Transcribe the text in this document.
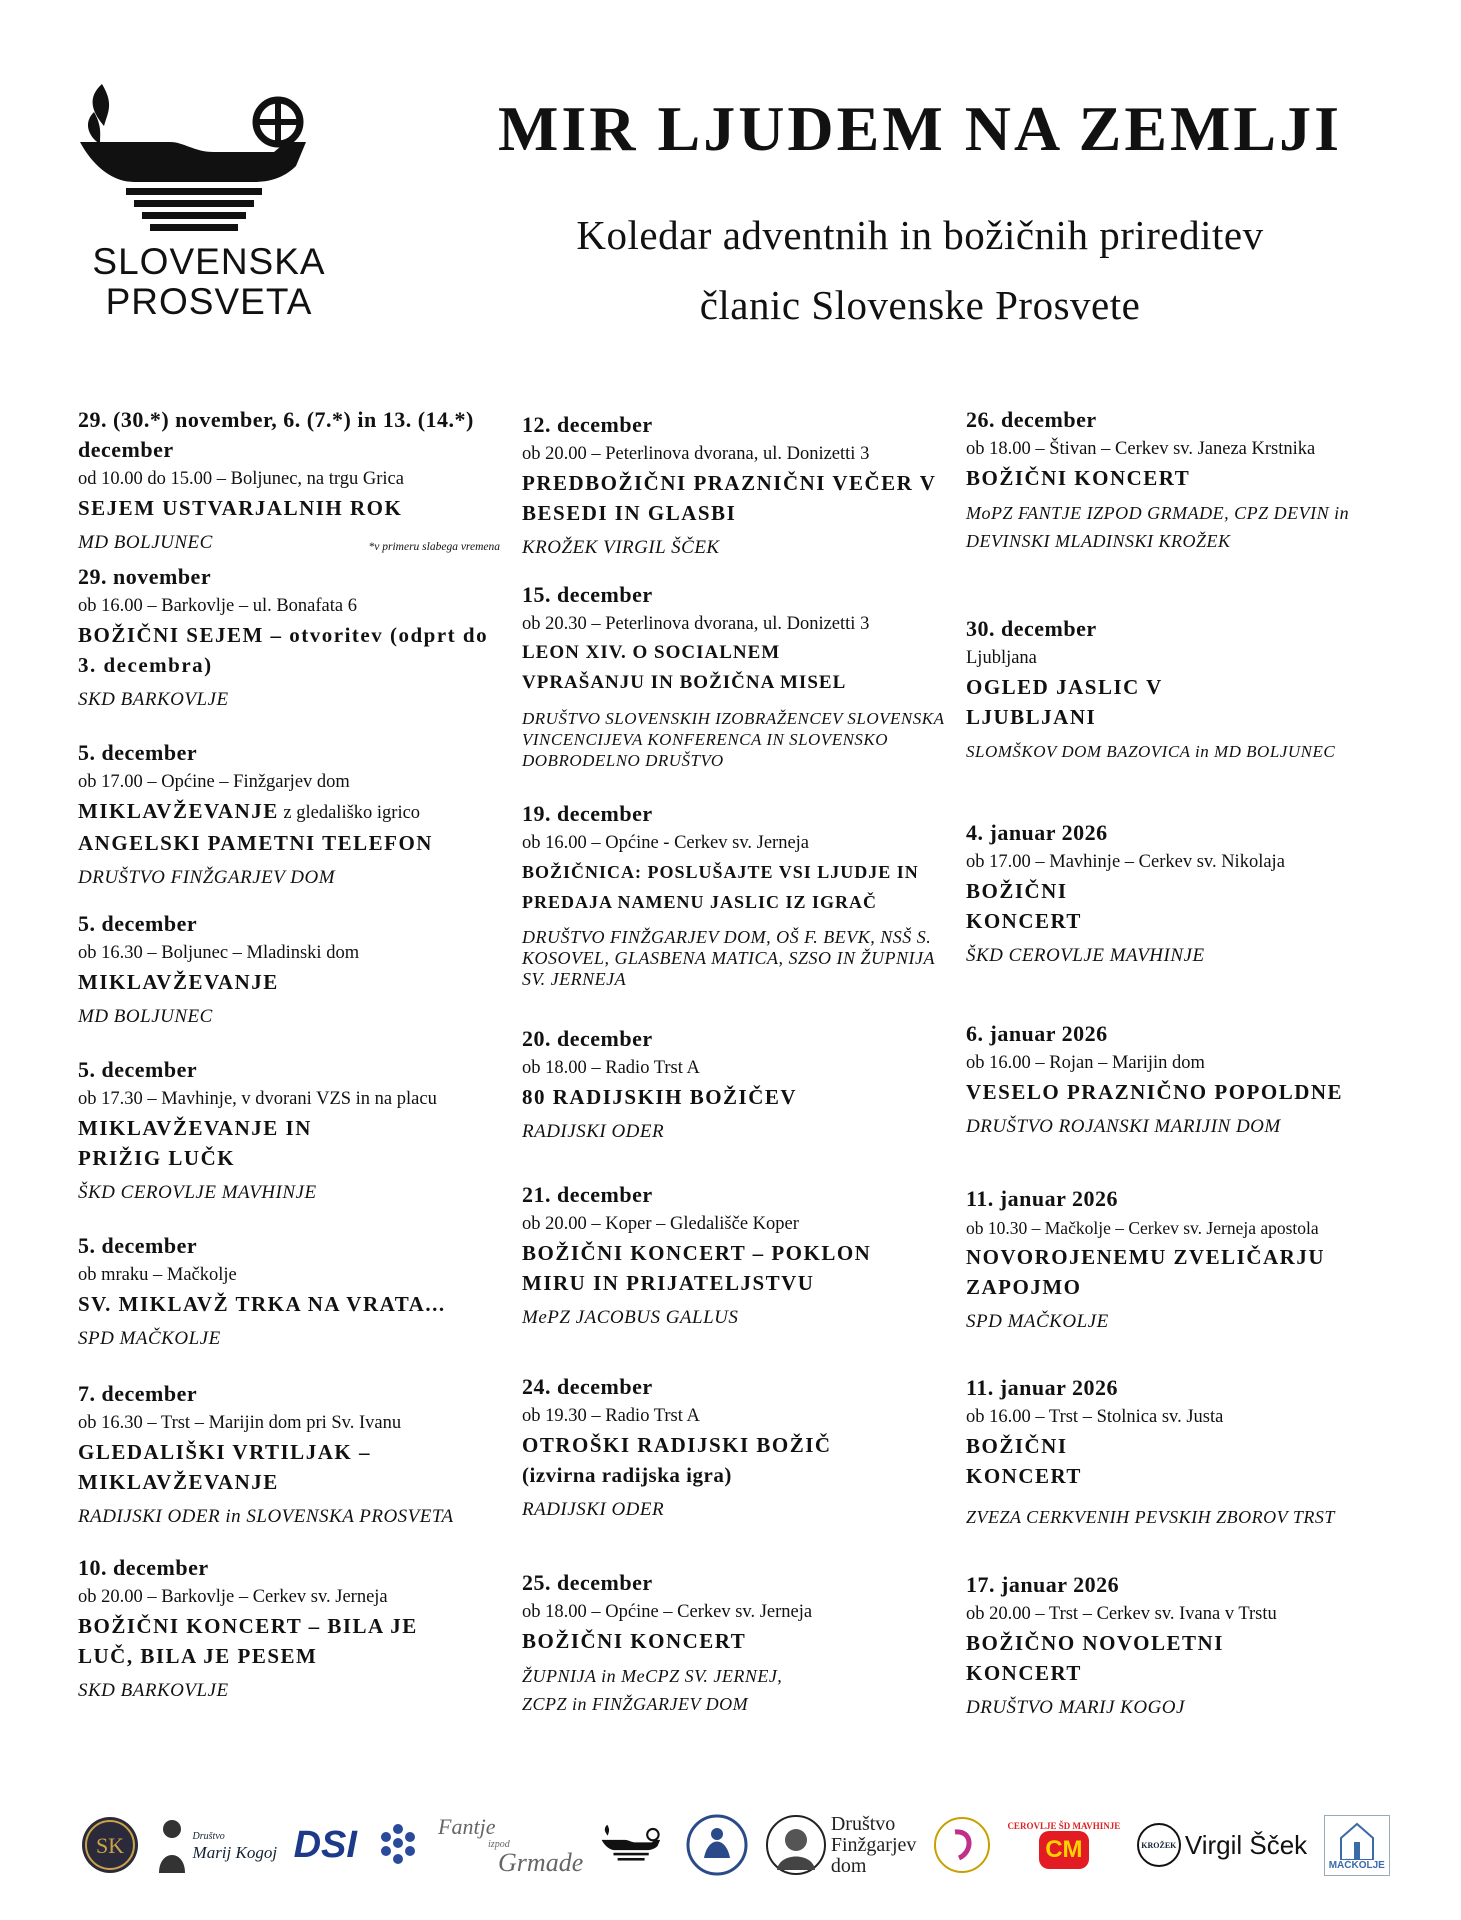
SLOVENSKA
PROSVETA
MIR LJUDEM NA ZEMLJI
Koledar adventnih in božičnih prireditev
članic Slovenske Prosvete
29. (30.*) november, 6. (7.*) in 13. (14.*) december
od 10.00 do 15.00 – Boljunec, na trgu Grica
SEJEM USTVARJALNIH ROK
MD BOLJUNEC	*v primeru slabega vremena
29. november
ob 16.00 – Barkovlje – ul. Bonafata 6
BOŽIČNI SEJEM – otvoritev (odprt do 3. decembra)
SKD BARKOVLJE
5. december
ob 17.00 – Općine – Finžgarjev dom
MIKLAVŽEVANJE z gledališko igrico
ANGELSKI PAMETNI TELEFON
DRUŠTVO FINŽGARJEV DOM
5. december
ob 16.30 – Boljunec – Mladinski dom
MIKLAVŽEVANJE
MD BOLJUNEC
5. december
ob 17.30 – Mavhinje, v dvorani VZS in na placu
MIKLAVŽEVANJE IN PRIŽIG LUČK
ŠKD CEROVLJE MAVHINJE
5. december
ob mraku – Mačkolje
SV. MIKLAVŽ TRKA NA VRATA...
SPD MAČKOLJE
7. december
ob 16.30 – Trst – Marijin dom pri Sv. Ivanu
GLEDALIŠKI VRTILJAK – MIKLAVŽEVANJE
RADIJSKI ODER in SLOVENSKA PROSVETA
10. december
ob 20.00 – Barkovlje – Cerkev sv. Jerneja
BOŽIČNI KONCERT – BILA JE LUČ, BILA JE PESEM
SKD BARKOVLJE
12. december
ob 20.00 – Peterlinova dvorana, ul. Donizetti 3
PREDBOŽIČNI PRAZNIČNI VEČER V BESEDI IN GLASBI
KROŽEK VIRGIL ŠČEK
15. december
ob 20.30 – Peterlinova dvorana, ul. Donizetti 3
LEON XIV. O SOCIALNEM VPRAŠANJU IN BOŽIČNA MISEL
DRUŠTVO SLOVENSKIH IZOBRAŽENCEV SLOVENSKA VINCENCIJEVA KONFERENCA IN SLOVENSKO DOBRODELNO DRUŠTVO
19. december
ob 16.00 – Općine - Cerkev sv. Jerneja
BOŽIČNICA: POSLUŠAJTE VSI LJUDJE IN PREDAJA NAMENU JASLIC IZ IGRAČ
DRUŠTVO FINŽGARJEV DOM, OŠ F. BEVK, NSŠ S. KOSOVEL, GLASBENA MATICA, SZSO IN ŽUPNIJA SV. JERNEJA
20. december
ob 18.00 – Radio Trst A
80 RADIJSKIH BOŽIČEV
RADIJSKI ODER
21. december
ob 20.00 – Koper – Gledališče Koper
BOŽIČNI KONCERT – POKLON MIRU IN PRIJATELJSTVU
MePZ JACOBUS GALLUS
24. december
ob 19.30 – Radio Trst A
OTROŠKI RADIJSKI BOŽIČ
(izvirna radijska igra)
RADIJSKI ODER
25. december
ob 18.00 – Općine – Cerkev sv. Jerneja
BOŽIČNI KONCERT
ŽUPNIJA in MeCPZ SV. JERNEJ, ZCPZ in FINŽGARJEV DOM
26. december
ob 18.00 – Štivan – Cerkev sv. Janeza Krstnika
BOŽIČNI KONCERT
MoPZ FANTJE IZPOD GRMADE, CPZ DEVIN in DEVINSKI MLADINSKI KROŽEK
30. december
Ljubljana
OGLED JASLIC V LJUBLJANI
SLOMŠKOV DOM BAZOVICA in MD BOLJUNEC
4. januar 2026
ob 17.00 – Mavhinje – Cerkev sv. Nikolaja
BOŽIČNI KONCERT
ŠKD CEROVLJE MAVHINJE
6. januar 2026
ob 16.00 – Rojan – Marijin dom
VESELO PRAZNIČNO POPOLDNE
DRUŠTVO ROJANSKI MARIJIN DOM
11. januar 2026
ob 10.30 – Mačkolje – Cerkev sv. Jerneja apostola
NOVOROJENEMU ZVELIČARJU ZAPOJMO
SPD MAČKOLJE
11. januar 2026
ob 16.00 – Trst – Stolnica sv. Justa
BOŽIČNI KONCERT
ZVEZA CERKVENIH PEVSKIH ZBOROV TRST
17. januar 2026
ob 20.00 – Trst – Cerkev sv. Ivana v Trstu
BOŽIČNO NOVOLETNI KONCERT
DRUŠTVO MARIJ KOGOJ
SK	Društvo
Marij Kogoj DSI	Fantje
izpod
Grmade
Društvo
Finžgarjev
dom
CEROVLJE ŠD MAVHINJE
CM	KROŽEK Virgil Šček
MAČKOLJE
